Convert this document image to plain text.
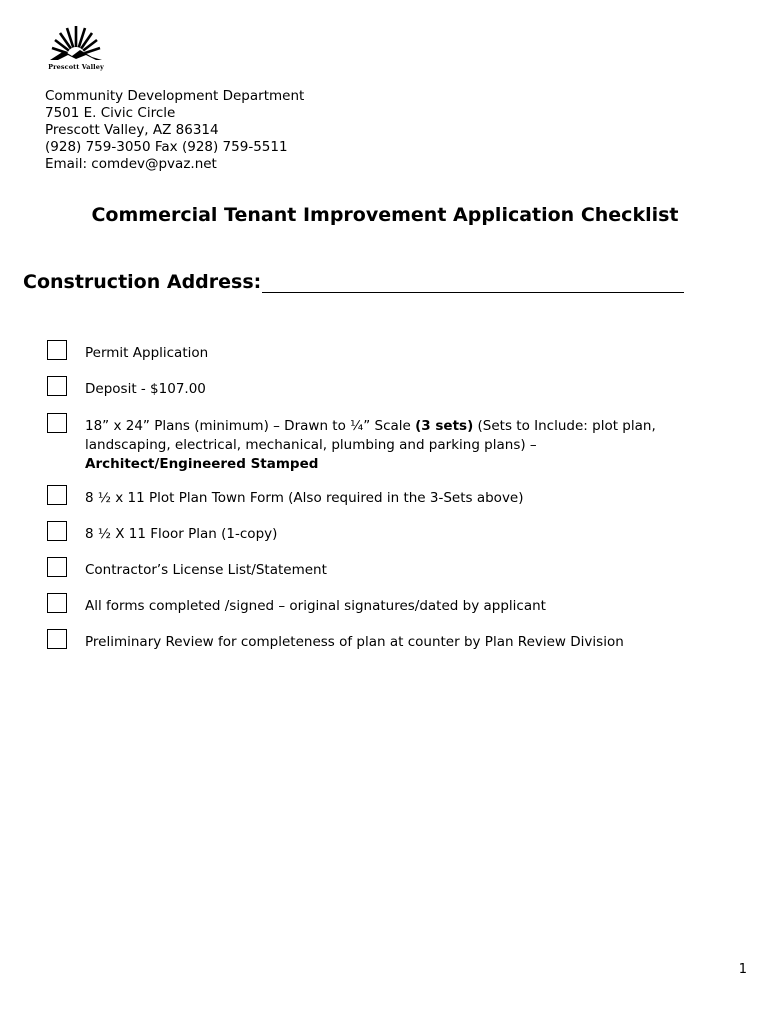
Prescott Valley
Community Development Department
7501 E. Civic Circle
Prescott Valley, AZ 86314
(928) 759-3050 Fax (928) 759-5511
Email: comdev@pvaz.net
Commercial Tenant Improvement Application Checklist
Construction Address:
Permit Application
Deposit - $107.00
18” x 24” Plans (minimum) – Drawn to ¼” Scale (3 sets) (Sets to Include: plot plan, landscaping, electrical, mechanical, plumbing and parking plans) –
Architect/Engineered Stamped
8 ½ x 11 Plot Plan Town Form (Also required in the 3-Sets above)
8 ½ X 11 Floor Plan (1-copy)
Contractor’s License List/Statement
All forms completed /signed – original signatures/dated by applicant
Preliminary Review for completeness of plan at counter by Plan Review Division
1
